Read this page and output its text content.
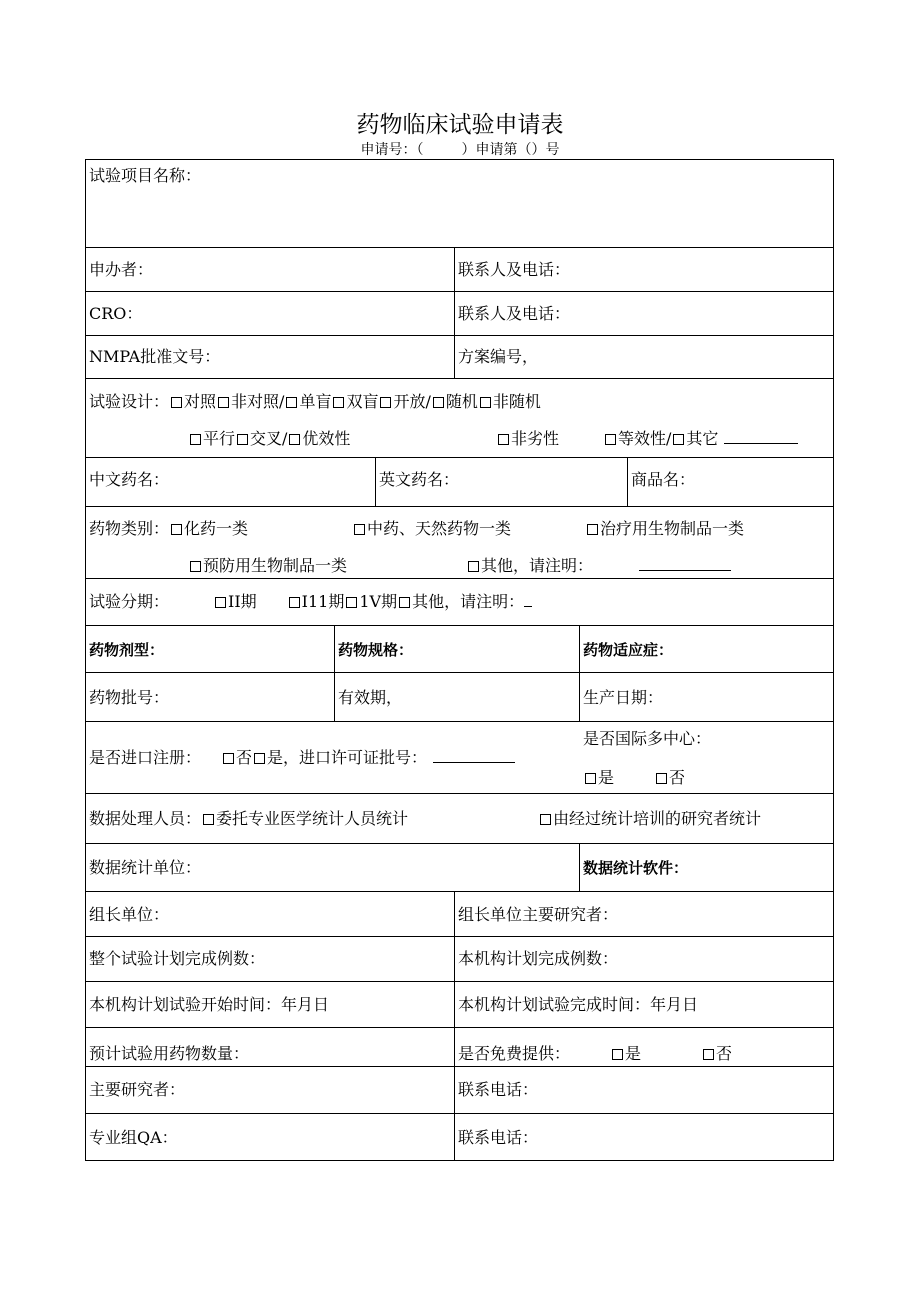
药物临床试验申请表
申请号：（	）申请第（）号
试验项目名称：
申办者：	联系人及电话：
CRO：	联系人及电话：
NMPA批准文号：	方案编号，
试验设计： 对照 非对照/ 单盲 双盲 开放/ 随机 非随机
平行 交叉/ 优效性	非劣性	等效性/ 其它
中文药名：	英文药名：	商品名：
药物类别： 化药一类	中药、天然药物一类	治疗用生物制品一类
预防用生物制品一类	其他，请注明：
试验分期：	II期	I11期 1V期 其他，请注明：
药物剂型：	药物规格：	药物适应症：
药物批号：	有效期，	生产日期：
是否进口注册： 否 是，进口许可证批号：
是否国际多中心：
是	否
数据处理人员： 委托专业医学统计人员统计	由经过统计培训的研究者统计
数据统计单位：	数据统计软件：
组长单位：	组长单位主要研究者：
整个试验计划完成例数：	本机构计划完成例数：
本机构计划试验开始时间：年月日	本机构计划试验完成时间：年月日
预计试验用药物数量：	是否免费提供：	是	否
主要研究者：	联系电话：
专业组QA：	联系电话：
